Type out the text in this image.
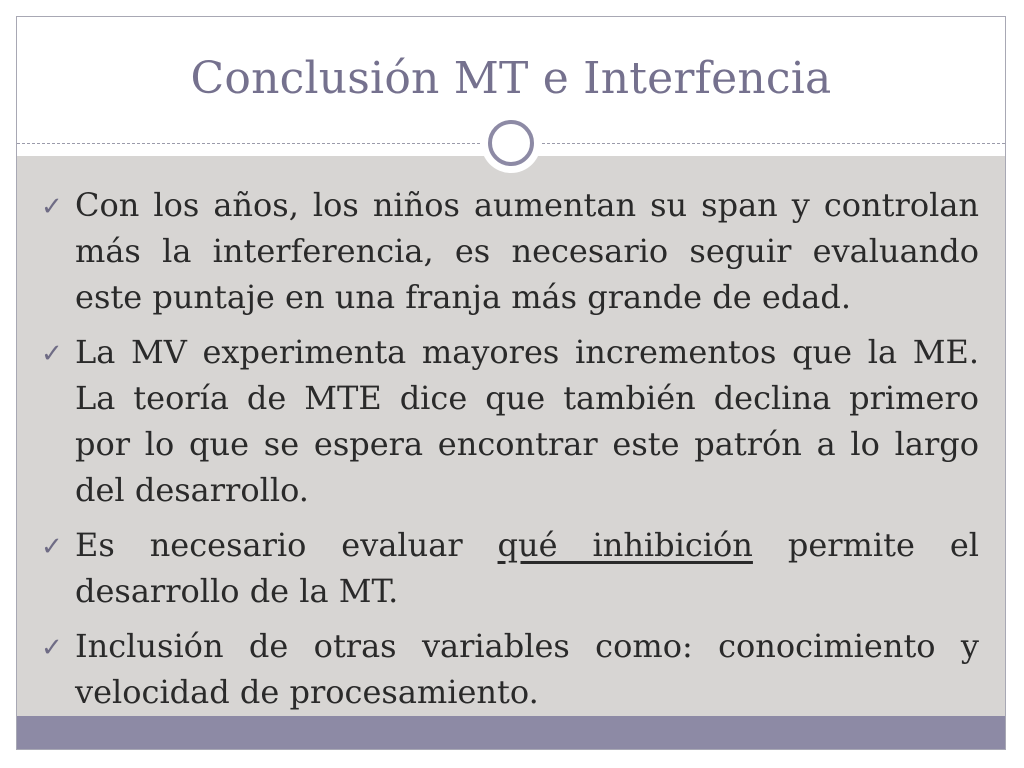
Conclusión MT e Interfencia
✓ Con los años, los niños aumentan su span y controlan más la interferencia, es necesario seguir evaluando este puntaje en una franja más grande de edad.
✓ La MV experimenta mayores incrementos que la ME. La teoría de MTE dice que también declina primero por lo que se espera encontrar este patrón a lo largo del desarrollo.
✓ Es necesario evaluar qué inhibición permite el desarrollo de la MT.
✓ Inclusión de otras variables como: conocimiento y velocidad de procesamiento.
